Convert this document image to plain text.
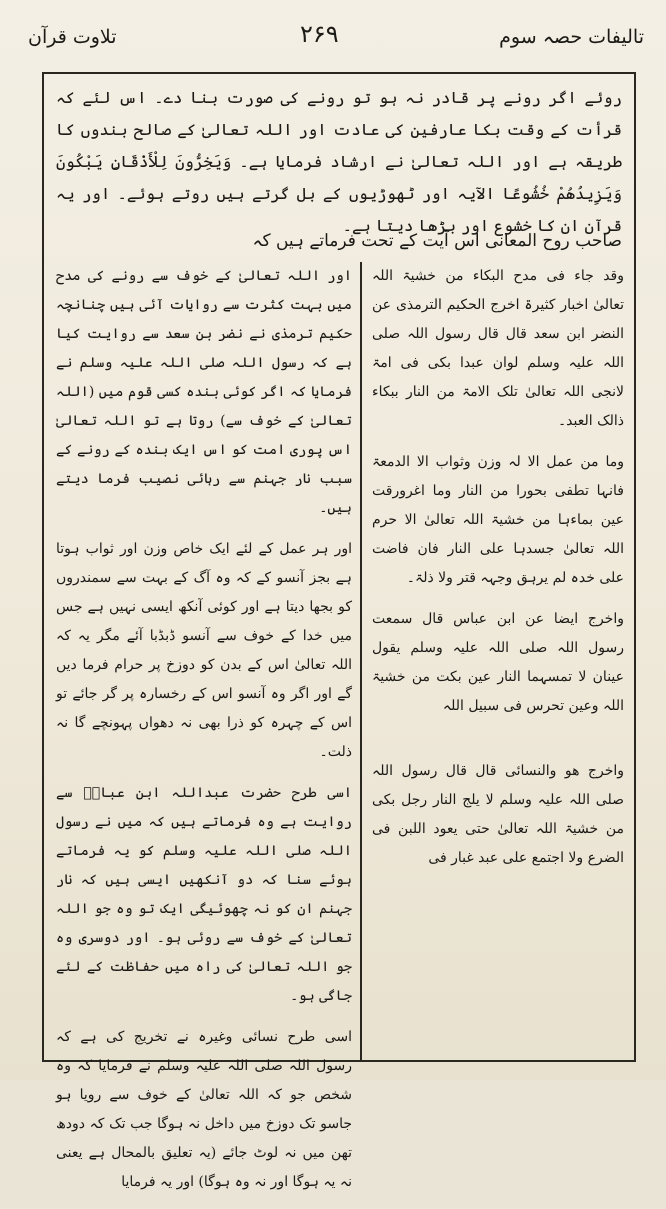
تالیفات حصہ سوم
۲۶۹
تلاوت قرآن
روئے اگر رونے پر قادر نہ ہو تو رونے کی صورت بنا دے۔ اس لئے کہ قرأت کے وقت بکا عارفین کی عادت اور اللہ تعالیٰ کے صالح بندوں کا طریقہ ہے اور اللہ تعالیٰ نے ارشاد فرمایا ہے۔ وَيَخِرُّونَ لِلْأَذْقَانِ يَبْكُونَ وَيَزِيدُهُمْ خُشُوعًا الآیہ اور ٹھوڑیوں کے بل گرتے ہیں روتے ہوئے۔ اور یہ قرآن ان کا خشوع اور بڑھا دیتا ہے۔
صاحب روح المعانی اس آیت کے تحت فرماتے ہیں کہ

اور اللہ تعالیٰ کے خوف سے رونے کی مدح میں بہت کثرت سے روایات آئی ہیں چنانچہ حکیم ترمذی نے نضر بن سعد سے روایت کیا ہے کہ رسول اللہ صلی اللہ علیہ وسلم نے فرمایا کہ اگر کوئی بندہ کسی قوم میں (اللہ تعالیٰ کے خوف سے) روتا ہے تو اللہ تعالیٰ اس پوری امت کو اس ایک بندہ کے رونے کے سبب نار جہنم سے رہائی نصیب فرما دیتے ہیں۔

اور ہر عمل کے لئے ایک خاص وزن اور ثواب ہوتا ہے بجز آنسو کے کہ وہ آگ کے بہت سے سمندروں کو بجھا دیتا ہے اور کوئی آنکھ ایسی نہیں ہے جس میں خدا کے خوف سے آنسو ڈبڈبا آئے مگر یہ کہ اللہ تعالیٰ اس کے بدن کو دوزخ پر حرام فرما دیں گے اور اگر وہ آنسو اس کے رخسارہ پر گر جائے تو اس کے چہرہ کو ذرا بھی نہ دھواں پہونچے گا نہ ذلت۔

اسی طرح حضرت عبداللہ ابن عباسؓ سے روایت ہے وہ فرماتے ہیں کہ میں نے رسول اللہ صلی اللہ علیہ وسلم کو یہ فرماتے ہوئے سنا کہ دو آنکھیں ایسی ہیں کہ نار جہنم ان کو نہ چھوئیگی ایک تو وہ جو اللہ تعالیٰ کے خوف سے روئی ہو۔ اور دوسری وہ جو اللہ تعالیٰ کی راہ میں حفاظت کے لئے جاگی ہو۔

اسی طرح نسائی وغیرہ نے تخریج کی ہے کہ رسول اللہ صلی اللہ علیہ وسلم نے فرمایا کہ وہ شخص جو کہ اللہ تعالیٰ کے خوف سے رویا ہو جاسو تک دوزخ میں داخل نہ ہوگا جب تک کہ دودھ تھن میں نہ لوٹ جائے (یہ تعلیق بالمحال ہے یعنی نہ یہ ہوگا اور نہ وہ ہوگا) اور یہ فرمایا

وقد جاء فی مدح البکاء من خشیۃ اللہ تعالیٰ اخبار کثیرۃ اخرج الحکیم الترمذی عن النضر ابن سعد قال قال رسول اللہ صلی اللہ علیہ وسلم لوان عبدا بکی فی امۃ لانجی اللہ تعالیٰ تلک الامۃ من النار ببکاء ذالک العبد۔

وما من عمل الا لہ وزن وثواب الا الدمعۃ فانہا تطفی بحورا من النار وما اغرورقت عین بماءہا من خشیۃ اللہ تعالیٰ الا حرم اللہ تعالیٰ جسدہا علی النار فان فاضت علی خدہ لم یرہق وجہہ قتر ولا ذلۃ۔

واخرج ایضا عن ابن عباس قال سمعت رسول اللہ صلی اللہ علیہ وسلم یقول عینان لا تمسہما النار عین بکت من خشیۃ اللہ وعین تحرس فی سبیل اللہ

واخرج ھو والنسائی قال قال رسول اللہ صلی اللہ علیہ وسلم لا یلج النار رجل بکی من خشیۃ اللہ تعالیٰ حتی یعود اللبن فی الضرع ولا اجتمع علی عبد غبار فی
